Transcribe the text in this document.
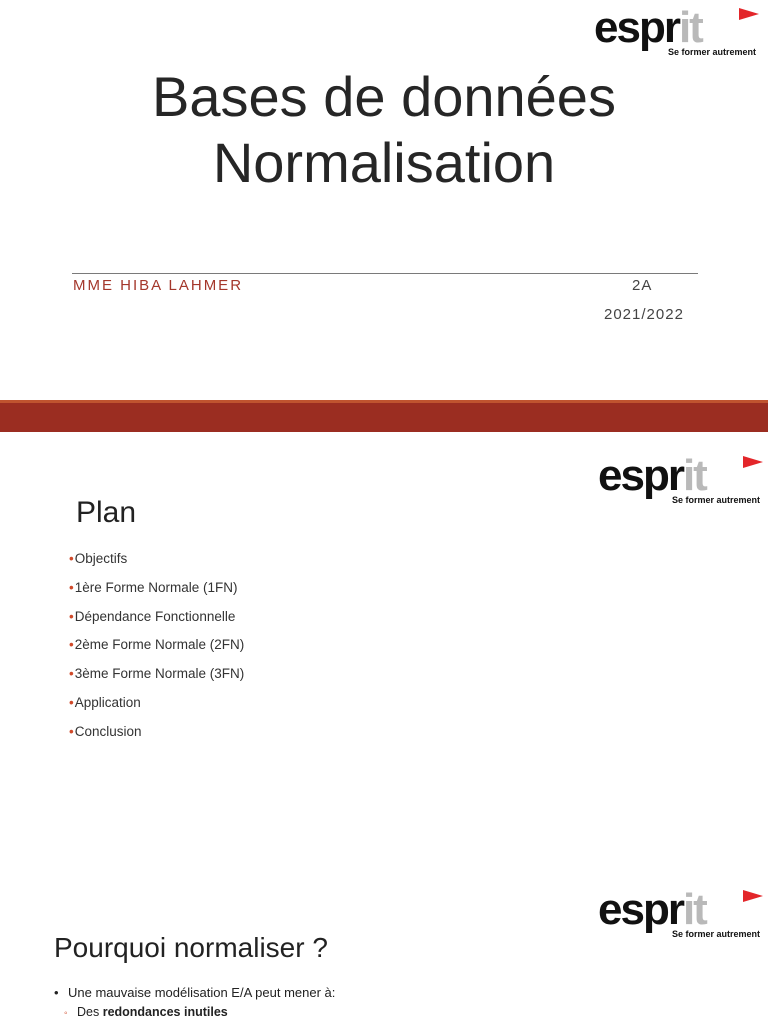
esprit
Se former autrement
Bases de données
Normalisation
MME HIBA LAHMER	2A
2021/2022
esprit
Se former autrement
Plan
•Objectifs
•1ère Forme Normale (1FN)
•Dépendance Fonctionnelle
•2ème Forme Normale (2FN)
•3ème Forme Normale (3FN)
•Application
•Conclusion
esprit
Se former autrement
Pourquoi normaliser ?
• Une mauvaise modélisation E/A peut mener à:
◦ Des redondances inutiles
